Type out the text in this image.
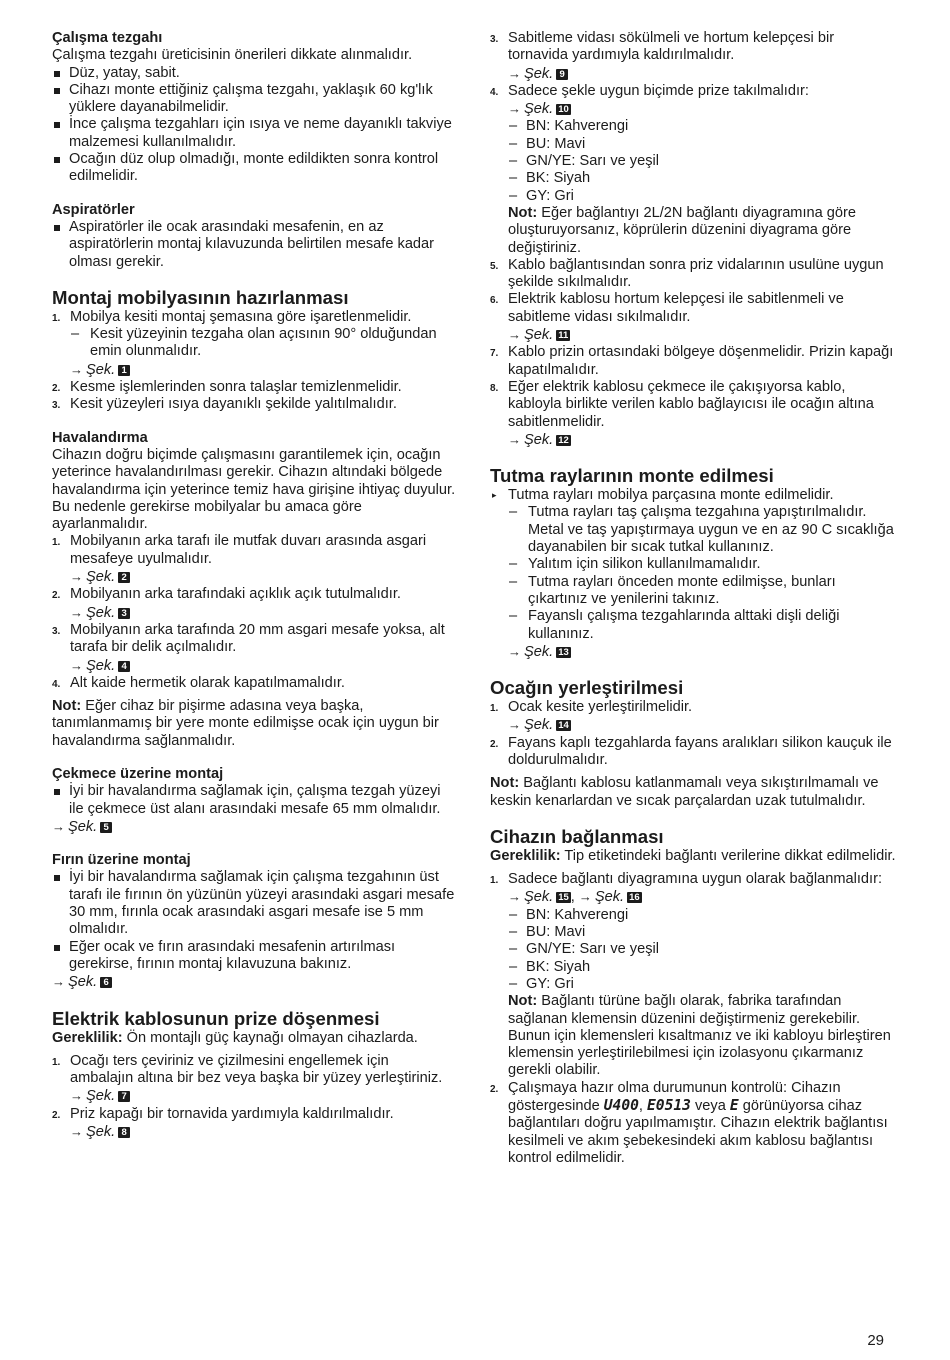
Çalışma tezgahı

Çalışma tezgahı üreticisinin önerileri dikkate alınmalıdır.

Düz, yatay, sabit.

Cihazı monte ettiğiniz çalışma tezgahı, yaklaşık 60 kg'lık yüklere dayanabilmelidir.

İnce çalışma tezgahları için ısıya ve neme dayanıklı takviye malzemesi kullanılmalıdır.

Ocağın düz olup olmadığı, monte edildikten sonra kontrol edilmelidir.

Aspiratörler

Aspiratörler ile ocak arasındaki mesafenin, en az aspiratörlerin montaj kılavuzunda belirtilen mesafe kadar olması gerekir.

Montaj mobilyasının hazırlanması
1. Mobilya kesiti montaj şemasına göre işaretlenmelidir.
– Kesit yüzeyinin tezgaha olan açısının 90° olduğundan emin olunmalıdır.
→ Şek. 1
2. Kesme işlemlerinden sonra talaşlar temizlenmelidir.
3. Kesit yüzeyleri ısıya dayanıklı şekilde yalıtılmalıdır.
Havalandırma

Cihazın doğru biçimde çalışmasını garantilemek için, ocağın yeterince havalandırılması gerekir. Cihazın altındaki bölgede havalandırma için yeterince temiz hava girişine ihtiyaç duyulur. Bu nedenle gerekirse mobilyalar bu amaca göre ayarlanmalıdır.

1. Mobilyanın arka tarafı ile mutfak duvarı arasında asgari mesafeye uyulmalıdır.
→ Şek. 2
2. Mobilyanın arka tarafındaki açıklık açık tutulmalıdır.
→ Şek. 3
3. Mobilyanın arka tarafında 20 mm asgari mesafe yoksa, alt tarafa bir delik açılmalıdır.
→ Şek. 4
4. Alt kaide hermetik olarak kapatılmamalıdır.

Not: Eğer cihaz bir pişirme adasına veya başka, tanımlanmamış bir yere monte edilmişse ocak için uygun bir havalandırma sağlanmalıdır.

Çekmece üzerine montaj

İyi bir havalandırma sağlamak için, çalışma tezgah yüzeyi ile çekmece üst alanı arasındaki mesafe 65 mm olmalıdır.

→ Şek. 5
Fırın üzerine montaj

İyi bir havalandırma sağlamak için çalışma tezgahının üst tarafı ile fırının ön yüzünün yüzeyi arasındaki asgari mesafe 30 mm, fırınla ocak arasındaki asgari mesafe ise 5 mm olmalıdır.

Eğer ocak ve fırın arasındaki mesafenin artırılması gerekirse, fırının montaj kılavuzuna bakınız.

→ Şek. 6
Elektrik kablosunun prize döşenmesi

Gereklilik: Ön montajlı güç kaynağı olmayan cihazlarda.

1. Ocağı ters çeviriniz ve çizilmesini engellemek için ambalajın altına bir bez veya başka bir yüzey yerleştiriniz.
→ Şek. 7
2. Priz kapağı bir tornavida yardımıyla kaldırılmalıdır.
→ Şek. 8
3. Sabitleme vidası sökülmeli ve hortum kelepçesi bir tornavida yardımıyla kaldırılmalıdır.
→ Şek. 9
4. Sadece şekle uygun biçimde prize takılmalıdır:
→ Şek. 10
– BN: Kahverengi
– BU: Mavi
– GN/YE: Sarı ve yeşil
– BK: Siyah
– GY: Gri

Not: Eğer bağlantıyı 2L/2N bağlantı diyagramına göre oluşturuyorsanız, köprülerin düzenini diyagrama göre değiştiriniz.

5. Kablo bağlantısından sonra priz vidalarının usulüne uygun şekilde sıkılmalıdır.
6. Elektrik kablosu hortum kelepçesi ile sabitlenmeli ve sabitleme vidası sıkılmalıdır.
→ Şek. 11
7. Kablo prizin ortasındaki bölgeye döşenmelidir. Prizin kapağı kapatılmalıdır.
8. Eğer elektrik kablosu çekmece ile çakışıyorsa kablo, kabloyla birlikte verilen kablo bağlayıcısı ile ocağın altına sabitlenmelidir.
→ Şek. 12
Tutma raylarının monte edilmesi
▸ Tutma rayları mobilya parçasına monte edilmelidir.
– Tutma rayları taş çalışma tezgahına yapıştırılmalıdır. Metal ve taş yapıştırmaya uygun ve en az 90 C sıcaklığa dayanabilen bir sıcak tutkal kullanınız.
– Yalıtım için silikon kullanılmamalıdır.
– Tutma rayları önceden monte edilmişse, bunları çıkartınız ve yenilerini takınız.
– Fayanslı çalışma tezgahlarında alttaki dişli deliği kullanınız.
→ Şek. 13
Ocağın yerleştirilmesi
1. Ocak kesite yerleştirilmelidir.
→ Şek. 14
2. Fayans kaplı tezgahlarda fayans aralıkları silikon kauçuk ile doldurulmalıdır.

Not: Bağlantı kablosu katlanmamalı veya sıkıştırılmamalı ve keskin kenarlardan ve sıcak parçalardan uzak tutulmalıdır.

Cihazın bağlanması

Gereklilik: Tip etiketindeki bağlantı verilerine dikkat edilmelidir.

1. Sadece bağlantı diyagramına uygun olarak bağlanmalıdır:
→ Şek. 15 , → Şek. 16
– BN: Kahverengi
– BU: Mavi
– GN/YE: Sarı ve yeşil
– BK: Siyah
– GY: Gri

Not: Bağlantı türüne bağlı olarak, fabrika tarafından sağlanan klemensin düzenini değiştirmeniz gerekebilir. Bunun için klemensleri kısaltmanız ve iki kabloyu birleştiren klemensin yerleştirilebilmesi için izolasyonu çıkarmanız gerekli olabilir.

2. Çalışmaya hazır olma durumunun kontrolü: Cihazın göstergesinde U400, E0513 veya E görünüyorsa cihaz bağlantıları doğru yapılmamıştır. Cihazın elektrik bağlantısı kesilmeli ve akım şebekesindeki akım kablosu bağlantısı kontrol edilmelidir.
29
